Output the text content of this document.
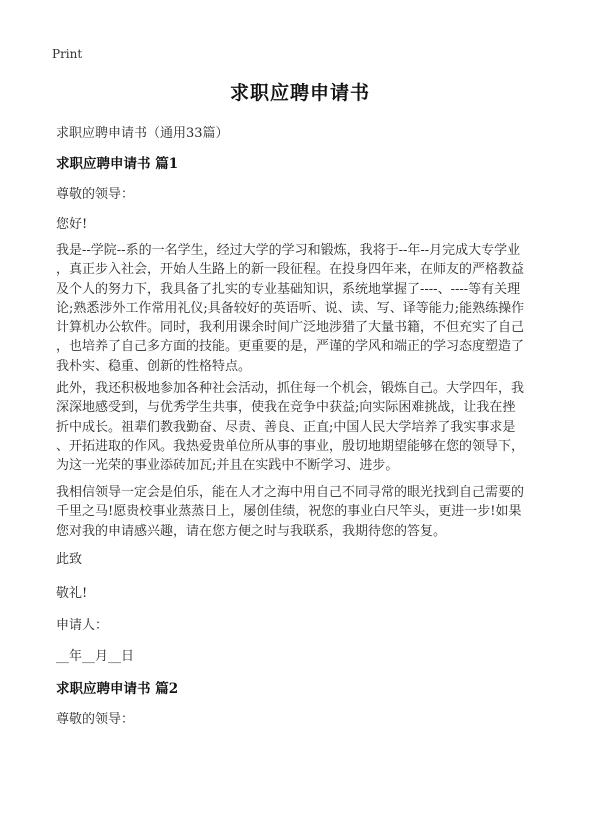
Print
求职应聘申请书
求职应聘申请书（通用33篇）
求职应聘申请书 篇1
尊敬的领导：
您好!
我是--学院--系的一名学生，经过大学的学习和锻炼，我将于--年--月完成大专学业
，真正步入社会，开始人生路上的新一段征程。在投身四年来，在师友的严格教益
及个人的努力下，我具备了扎实的专业基础知识，系统地掌握了----、----等有关理
论;熟悉涉外工作常用礼仪;具备较好的英语听、说、读、写、译等能力;能熟练操作
计算机办公软件。同时，我利用课余时间广泛地涉猎了大量书籍，不但充实了自己
，也培养了自己多方面的技能。更重要的是，严谨的学风和端正的学习态度塑造了
我朴实、稳重、创新的性格特点。
此外，我还积极地参加各种社会活动，抓住每一个机会，锻炼自己。大学四年，我
深深地感受到，与优秀学生共事，使我在竞争中获益;向实际困难挑战，让我在挫
折中成长。祖辈们教我勤奋、尽责、善良、正直;中国人民大学培养了我实事求是
、开拓进取的作风。我热爱贵单位所从事的事业，殷切地期望能够在您的领导下，
为这一光荣的事业添砖加瓦;并且在实践中不断学习、进步。
我相信领导一定会是伯乐，能在人才之海中用自己不同寻常的眼光找到自己需要的
千里之马!愿贵校事业蒸蒸日上，屡创佳绩，祝您的事业白尺竿头，更进一步!如果
您对我的申请感兴趣，请在您方便之时与我联系，我期待您的答复。
此致
敬礼!
申请人：
__年__月__日
求职应聘申请书 篇2
尊敬的领导：
